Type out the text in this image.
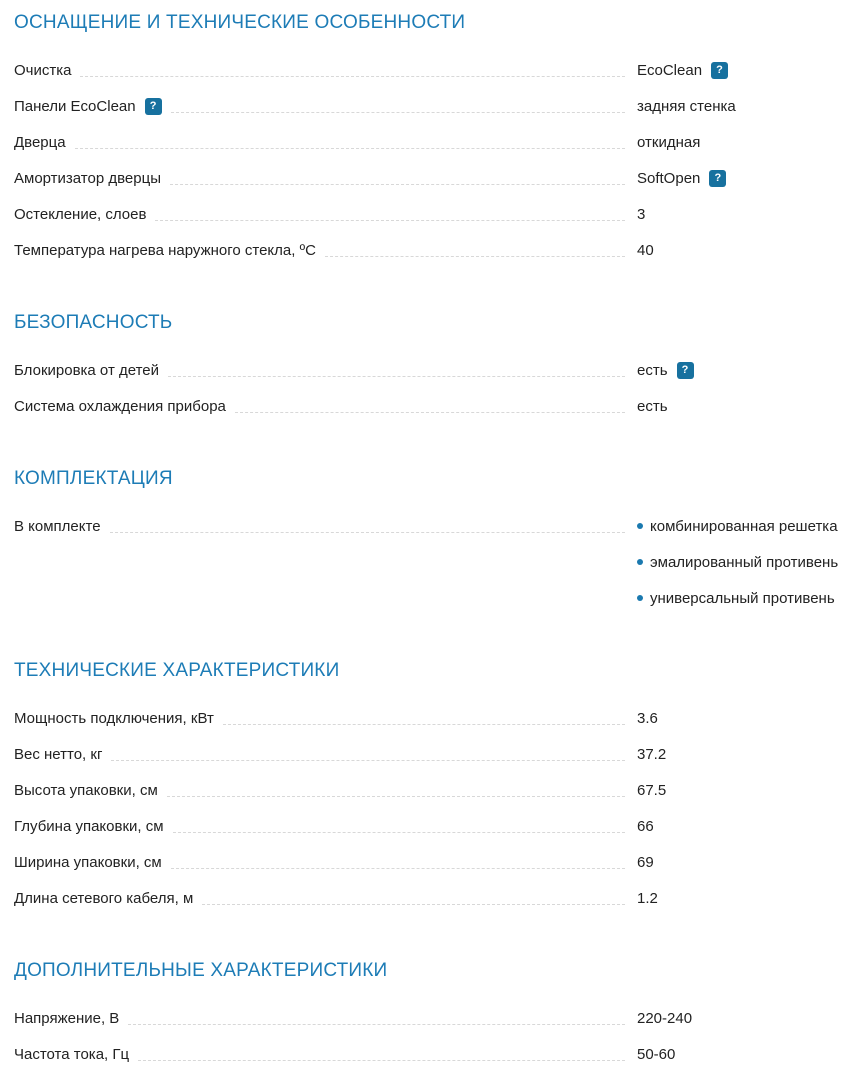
ОСНАЩЕНИЕ И ТЕХНИЧЕСКИЕ ОСОБЕННОСТИ
Очистка	EcoClean	?
Панели EcoClean	?	задняя стенка
Дверца	откидная
Амортизатор дверцы	SoftOpen	?
Остекление, слоев	3
Температура нагрева наружного стекла, ºС	40
БЕЗОПАСНОСТЬ
Блокировка от детей	есть	?
Система охлаждения прибора	есть
КОМПЛЕКТАЦИЯ
В комплекте	комбинированная решетка
эмалированный противень
универсальный противень
ТЕХНИЧЕСКИЕ ХАРАКТЕРИСТИКИ
Мощность подключения, кВт	3.6
Вес нетто, кг	37.2
Высота упаковки, см	67.5
Глубина упаковки, см	66
Ширина упаковки, см	69
Длина сетевого кабеля, м	1.2
ДОПОЛНИТЕЛЬНЫЕ ХАРАКТЕРИСТИКИ
Напряжение, В	220-240
Частота тока, Гц	50-60
